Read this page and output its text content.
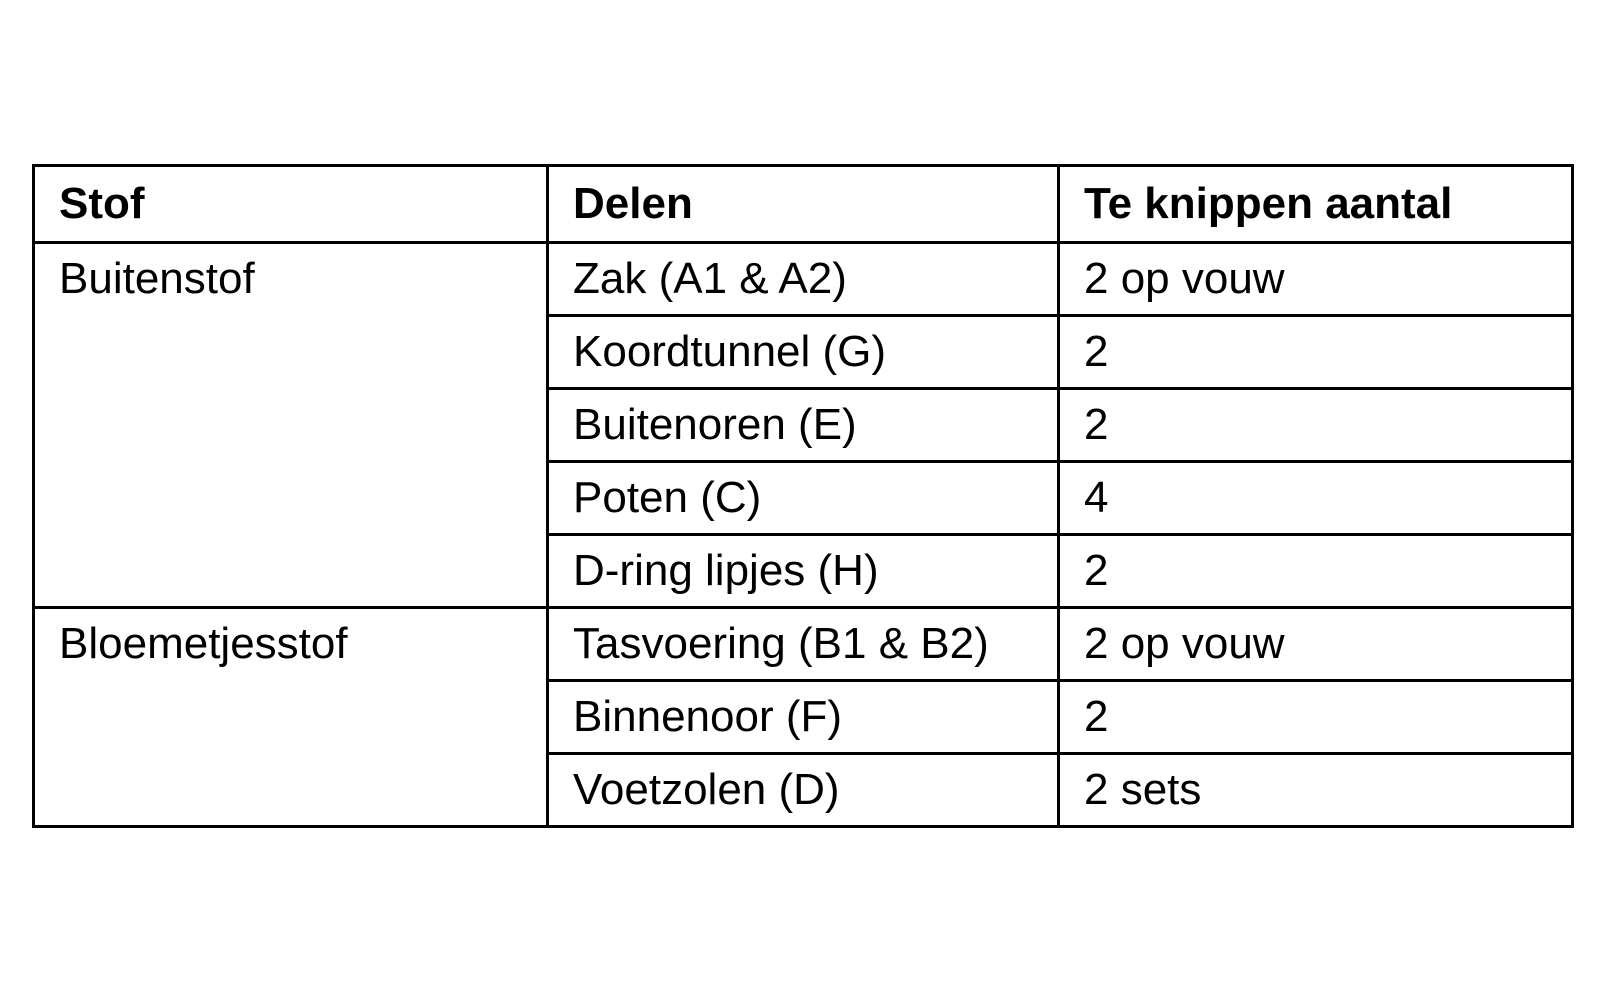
Stof	Delen	Te knippen aantal
Buitenstof	Zak (A1 & A2)	2 op vouw
	Koordtunnel (G)	2
	Buitenoren (E)	2
	Poten (C)	4
	D-ring lipjes (H)	2
Bloemetjesstof	Tasvoering (B1 & B2)	2 op vouw
	Binnenoor (F)	2
	Voetzolen (D)	2 sets
